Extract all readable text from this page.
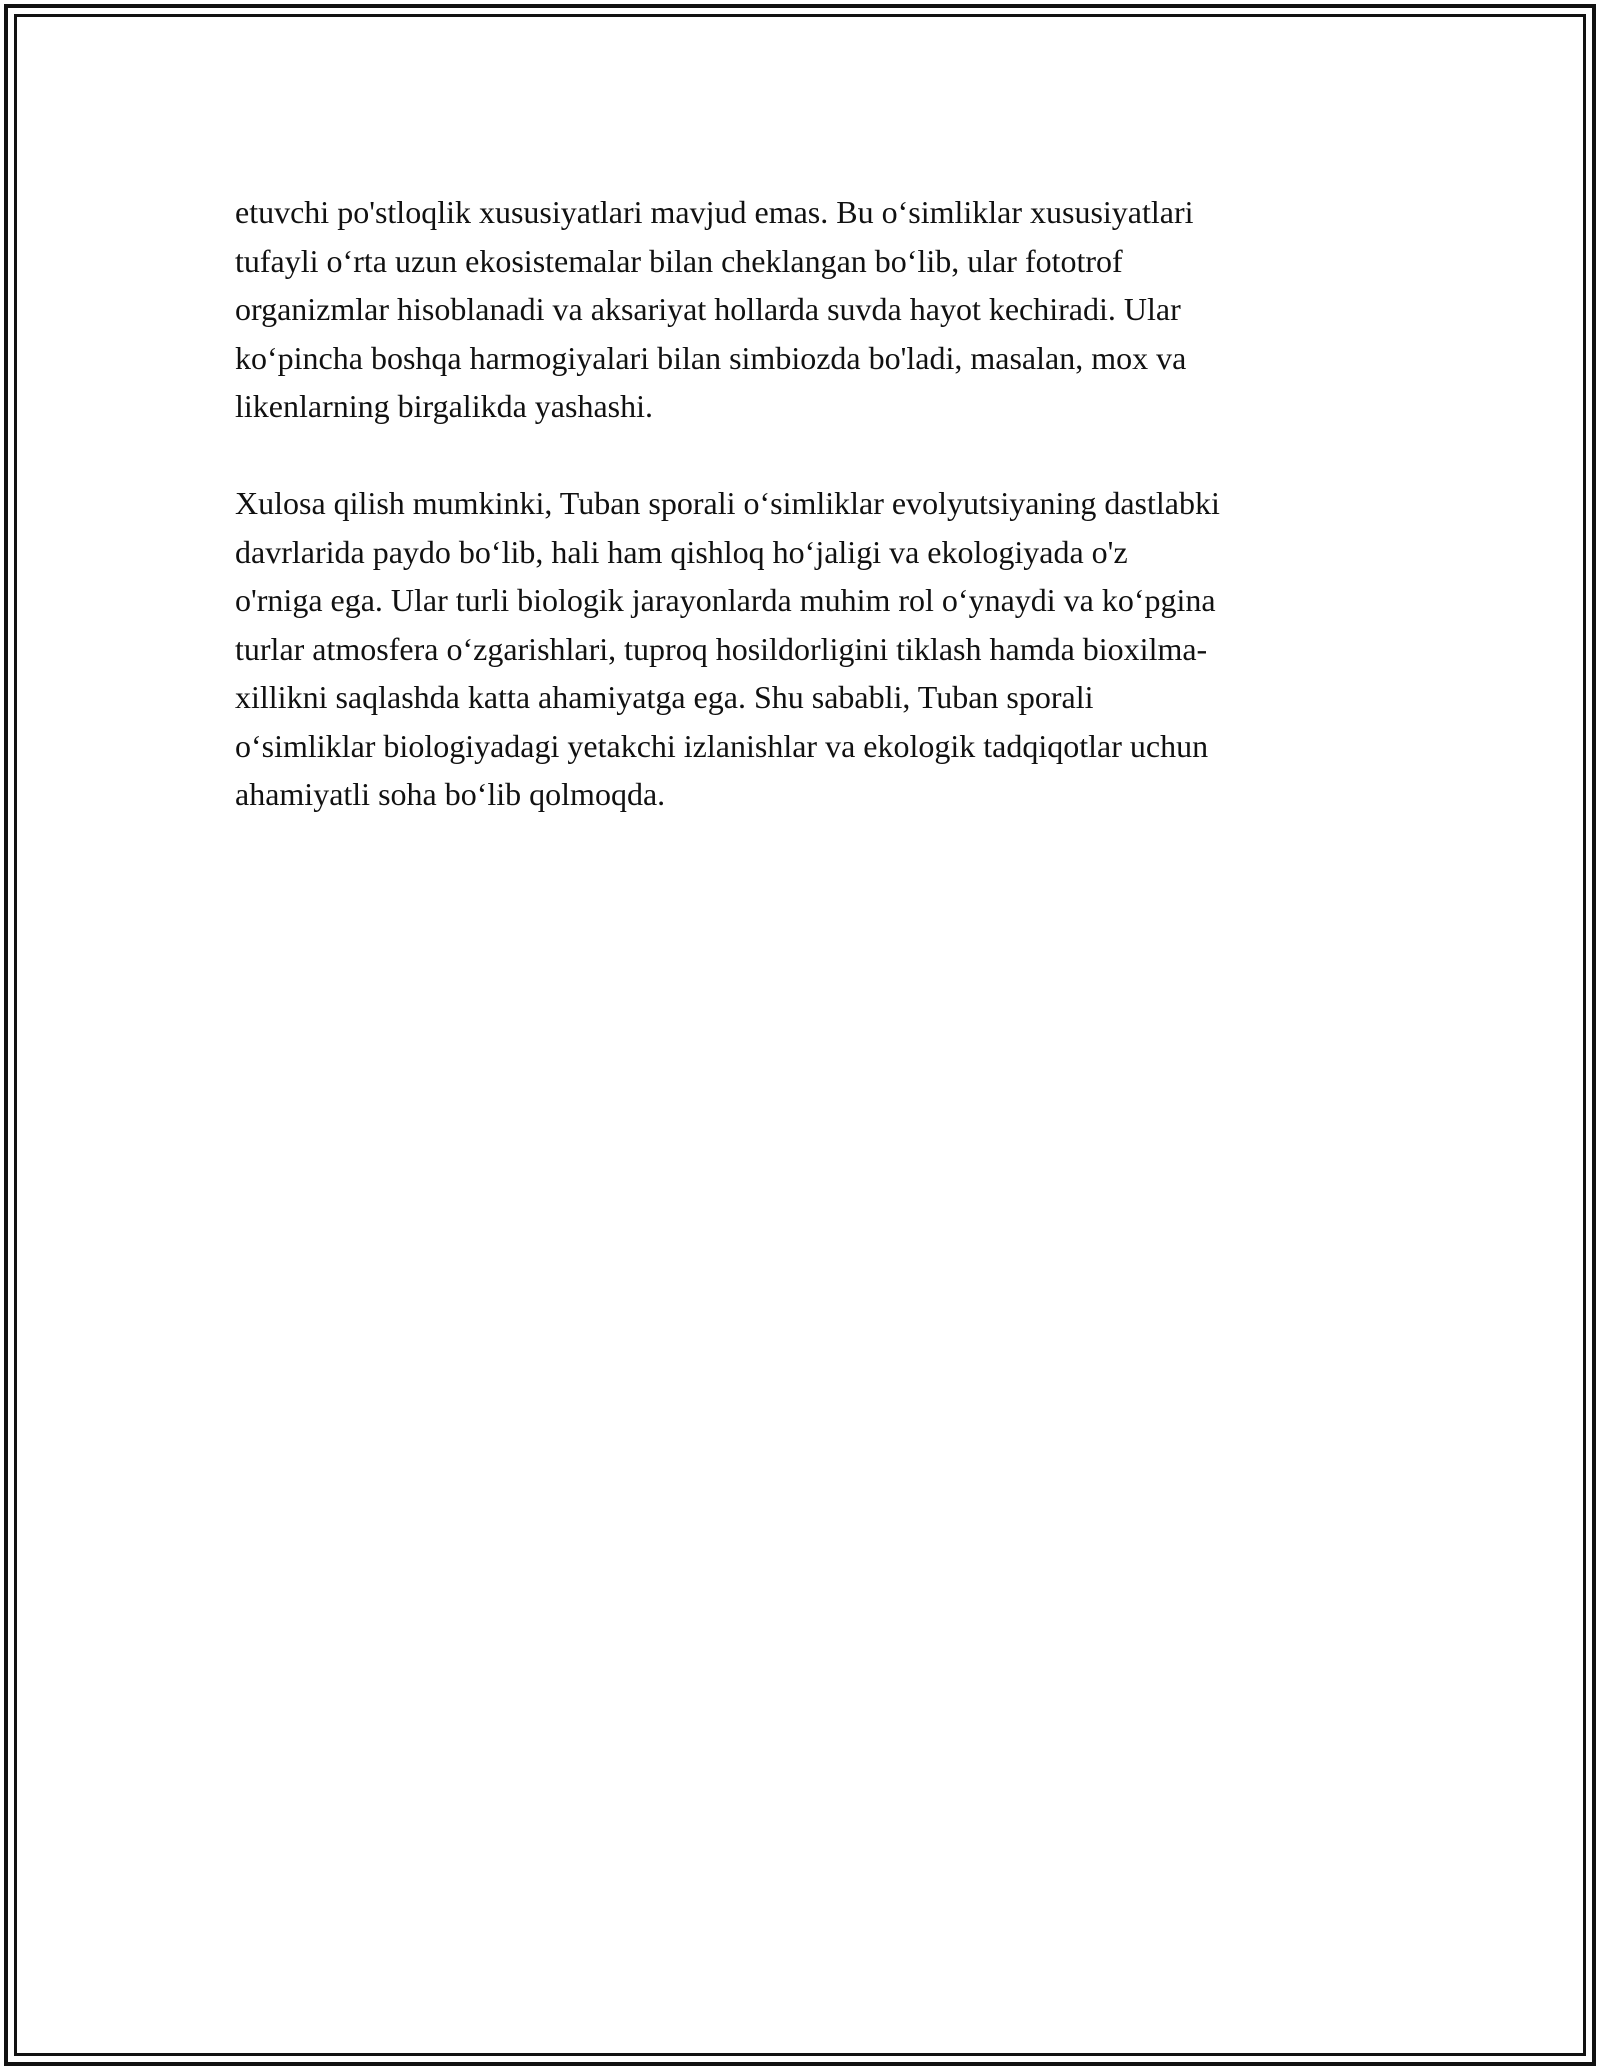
etuvchi po'stloqlik xususiyatlari mavjud emas. Bu o‘simliklar xususiyatlari
tufayli o‘rta uzun ekosistemalar bilan cheklangan bo‘lib, ular fototrof
organizmlar hisoblanadi va aksariyat hollarda suvda hayot kechiradi. Ular
ko‘pincha boshqa harmogiyalari bilan simbiozda bo'ladi, masalan, mox va
likenlarning birgalikda yashashi.

Xulosa qilish mumkinki, Tuban sporali o‘simliklar evolyutsiyaning dastlabki
davrlarida paydo bo‘lib, hali ham qishloq ho‘jaligi va ekologiyada o'z
o'rniga ega. Ular turli biologik jarayonlarda muhim rol o‘ynaydi va ko‘pgina
turlar atmosfera o‘zgarishlari, tuproq hosildorligini tiklash hamda bioxilma-
xillikni saqlashda katta ahamiyatga ega. Shu sababli, Tuban sporali
o‘simliklar biologiyadagi yetakchi izlanishlar va ekologik tadqiqotlar uchun
ahamiyatli soha bo‘lib qolmoqda.
